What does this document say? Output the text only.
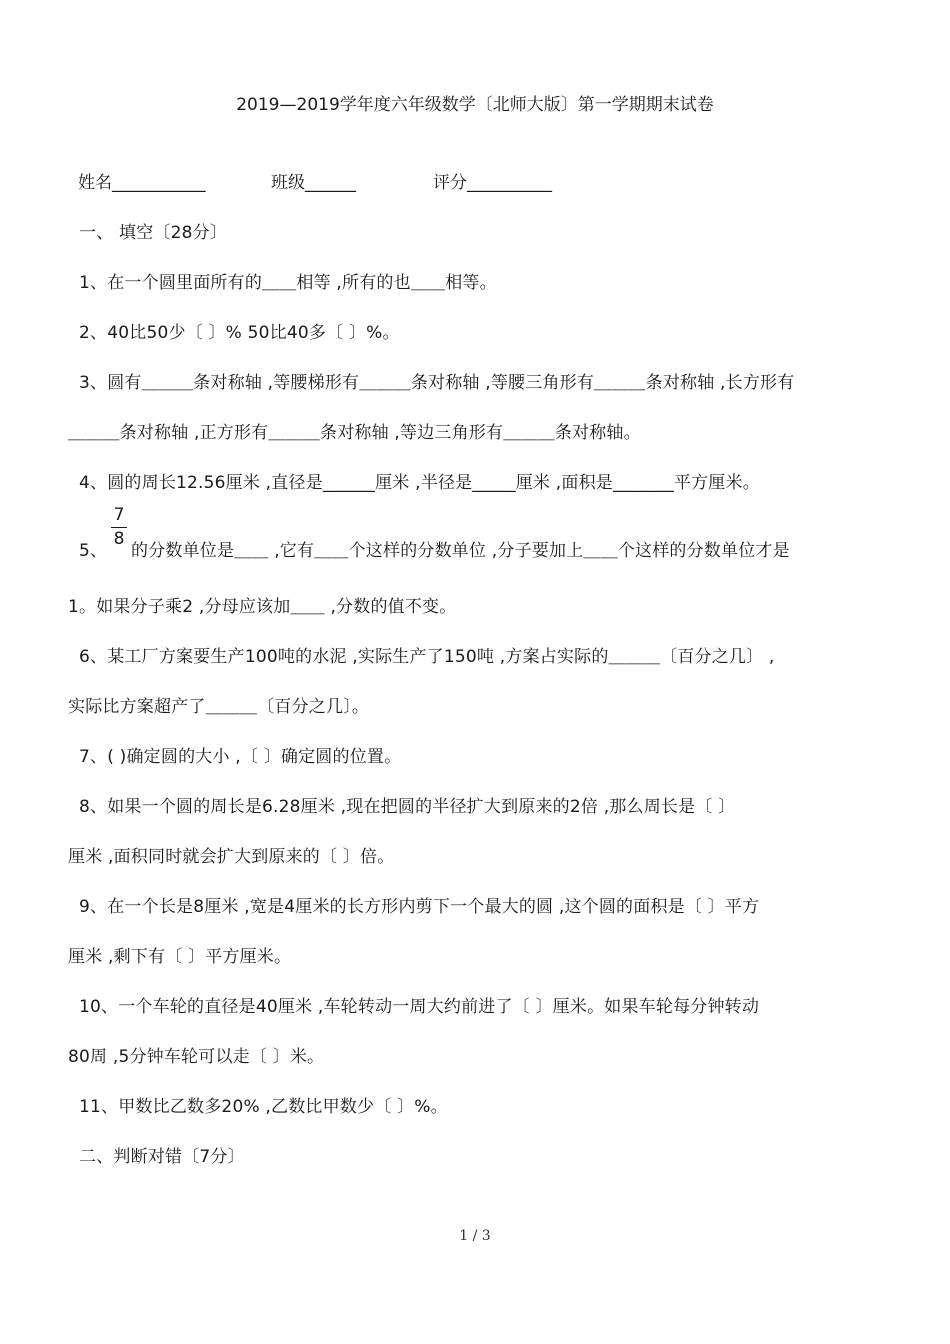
2019—2019学年度六年级数学〔北师大版〕第一学期期末试卷
姓名___________	班级______	评分__________
一、 填空〔28分〕
1、在一个圆里面所有的＿＿相等 ,所有的也＿＿相等。
2、40比50少〔 〕% 50比40多〔 〕%。
3、圆有＿＿＿条对称轴 ,等腰梯形有＿＿＿条对称轴 ,等腰三角形有＿＿＿条对称轴 ,长方形有
＿＿＿条对称轴 ,正方形有＿＿＿条对称轴 ,等边三角形有＿＿＿条对称轴。
4、圆的周长12.56厘米 ,直径是______厘米 ,半径是_____厘米 ,面积是_______平方厘米。
5、
7
8
的分数单位是＿＿ ,它有＿＿个这样的分数单位 ,分子要加上＿＿个这样的分数单位才是
1。如果分子乘2 ,分母应该加＿＿ ,分数的值不变。
6、某工厂方案要生产100吨的水泥 ,实际生产了150吨 ,方案占实际的＿＿＿〔百分之几〕 ,
实际比方案超产了＿＿＿〔百分之几〕。
7、( )确定圆的大小 ,〔 〕确定圆的位置。
8、如果一个圆的周长是6.28厘米 ,现在把圆的半径扩大到原来的2倍 ,那么周长是〔 〕
厘米 ,面积同时就会扩大到原来的〔 〕倍。
9、在一个长是8厘米 ,宽是4厘米的长方形内剪下一个最大的圆 ,这个圆的面积是〔 〕平方
厘米 ,剩下有〔 〕平方厘米。
10、一个车轮的直径是40厘米 ,车轮转动一周大约前进了〔 〕厘米。如果车轮每分钟转动
80周 ,5分钟车轮可以走〔 〕米。
11、甲数比乙数多20% ,乙数比甲数少〔 〕%。
二、判断对错〔7分〕
1 / 3
